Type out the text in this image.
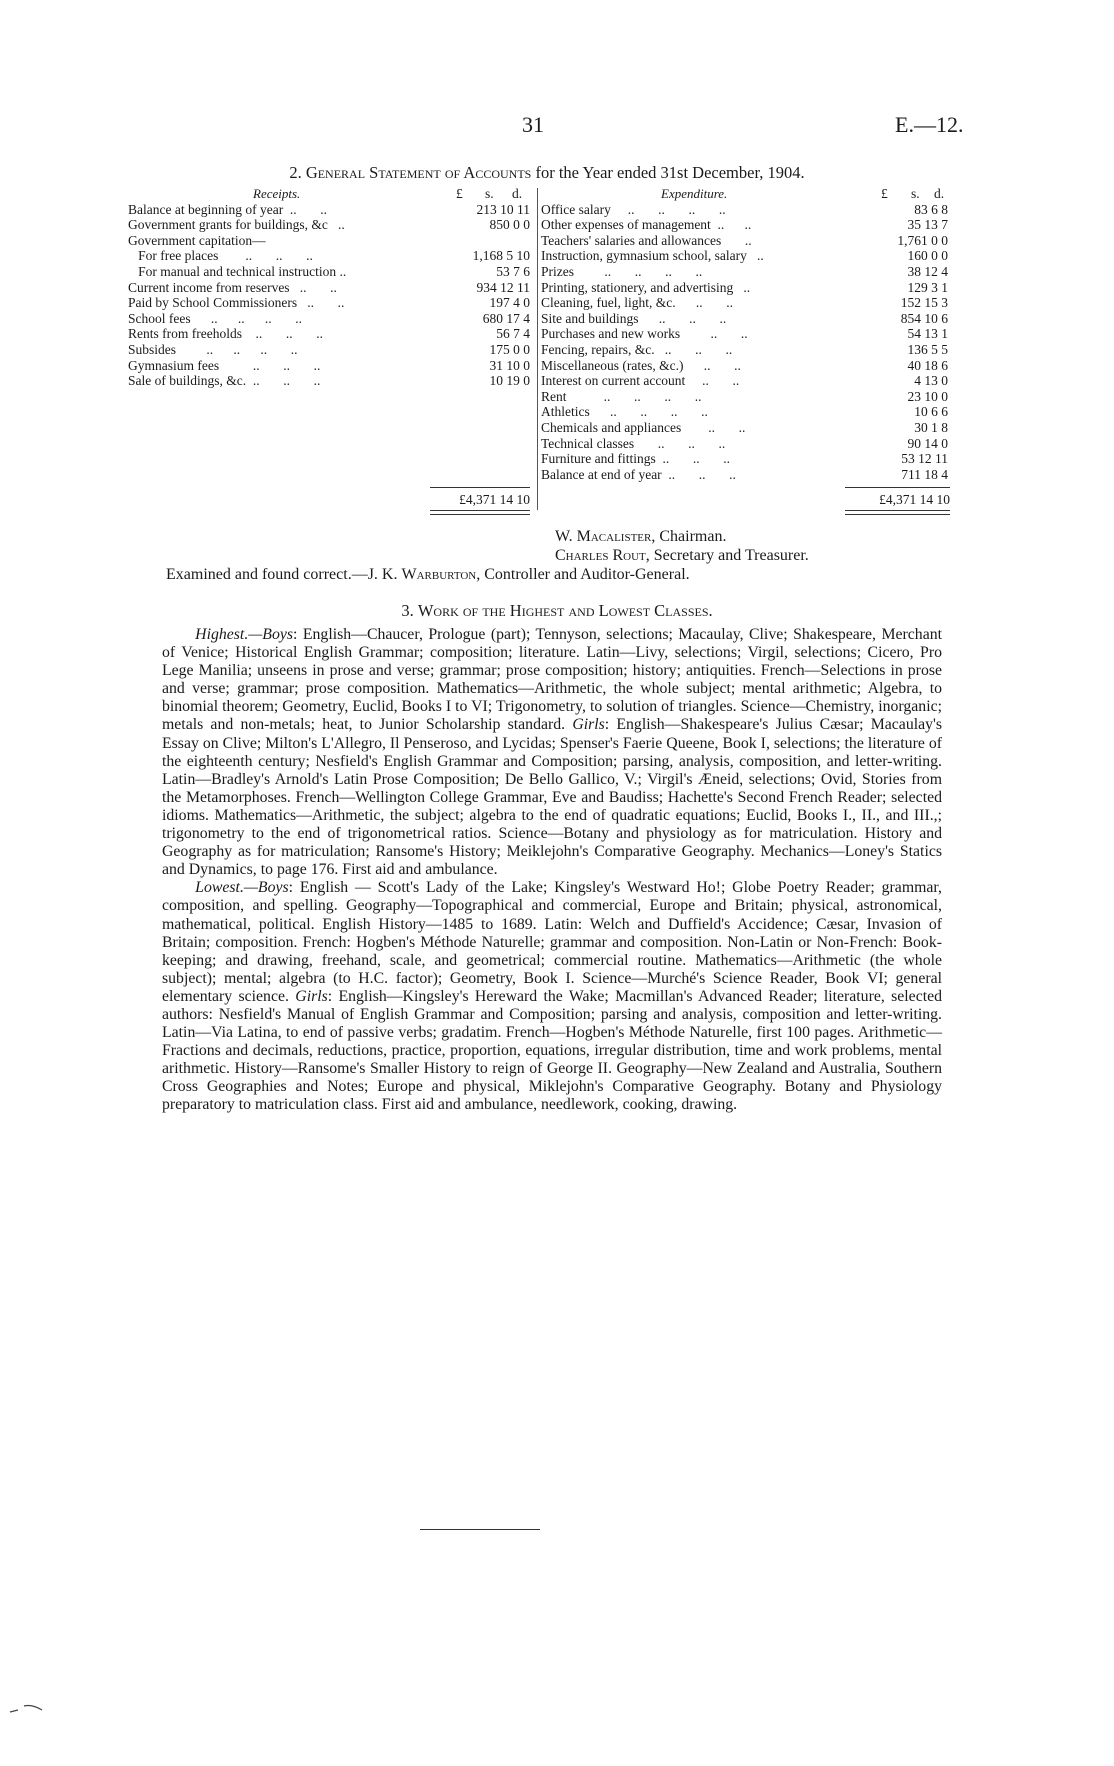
31	E.—12.
2. General Statement of Accounts for the Year ended 31st December, 1904.
Receipts.	£ s. d.
Balance at beginning of year  ..       ..	213 10 11
Government grants for buildings, &c   ..	850 0 0
Government capitation—
For free places        ..       ..       ..	1,168 5 10
For manual and technical instruction ..	53 7 6
Current income from reserves   ..       ..	934 12 11
Paid by School Commissioners   ..       ..	197 4 0
School fees      ..      ..      ..       ..	680 17 4
Rents from freeholds    ..       ..       ..	56 7 4
Subsides         ..      ..      ..       ..	175 0 0
Gymnasium fees          ..       ..       ..	31 10 0
Sale of buildings, &c.  ..       ..       ..	10 19 0
£4,371 14 10
Expenditure.	£ s. d.
Office salary     ..       ..       ..       ..	83 6 8
Other expenses of management  ..      ..	35 13 7
Teachers' salaries and allowances       ..	1,761 0 0
Instruction, gymnasium school, salary   ..	160 0 0
Prizes         ..       ..       ..       ..	38 12 4
Printing, stationery, and advertising   ..	129 3 1
Cleaning, fuel, light, &c.      ..       ..	152 15 3
Site and buildings      ..       ..       ..	854 10 6
Purchases and new works         ..       ..	54 13 1
Fencing, repairs, &c.   ..       ..       ..	136 5 5
Miscellaneous (rates, &c.)      ..       ..	40 18 6
Interest on current account     ..       ..	4 13 0
Rent           ..       ..       ..       ..	23 10 0
Athletics      ..       ..       ..       ..	10 6 6
Chemicals and appliances        ..       ..	30 1 8
Technical classes       ..       ..       ..	90 14 0
Furniture and fittings  ..       ..       ..	53 12 11
Balance at end of year  ..       ..       ..	711 18 4
£4,371 14 10
W. Macalister, Chairman.
Charles Rout, Secretary and Treasurer.
Examined and found correct.—J. K. Warburton, Controller and Auditor-General.
3. Work of the Highest and Lowest Classes.

Highest.—Boys: English—Chaucer, Prologue (part); Tennyson, selections; Macaulay, Clive; Shakespeare, Merchant of Venice; Historical English Grammar; composition; literature. Latin—Livy, selections; Virgil, selections; Cicero, Pro Lege Manilia; unseens in prose and verse; grammar; prose composition; history; antiquities. French—Selections in prose and verse; grammar; prose composition. Mathematics—Arithmetic, the whole subject; mental arithmetic; Algebra, to binomial theorem; Geometry, Euclid, Books I to VI; Trigonometry, to solution of triangles. Science—Chemistry, inorganic; metals and non-metals; heat, to Junior Scholarship standard. Girls: English—Shakespeare's Julius Cæsar; Macaulay's Essay on Clive; Milton's L'Allegro, Il Penseroso, and Lycidas; Spenser's Faerie Queene, Book I, selections; the literature of the eighteenth century; Nesfield's English Grammar and Composition; parsing, analysis, composition, and letter-writing. Latin—Bradley's Arnold's Latin Prose Composition; De Bello Gallico, V.; Virgil's Æneid, selections; Ovid, Stories from the Metamorphoses. French—Wellington College Grammar, Eve and Baudiss; Hachette's Second French Reader; selected idioms. Mathematics—Arithmetic, the subject; algebra to the end of quadratic equations; Euclid, Books I., II., and III.,; trigonometry to the end of trigonometrical ratios. Science—Botany and physiology as for matriculation. History and Geography as for matriculation; Ransome's History; Meiklejohn's Comparative Geography. Mechanics—Loney's Statics and Dynamics, to page 176. First aid and ambulance.

Lowest.—Boys: English — Scott's Lady of the Lake; Kingsley's Westward Ho!; Globe Poetry Reader; grammar, composition, and spelling. Geography—Topographical and commercial, Europe and Britain; physical, astronomical, mathematical, political. English History—1485 to 1689. Latin: Welch and Duffield's Accidence; Cæsar, Invasion of Britain; composition. French: Hogben's Méthode Naturelle; grammar and composition. Non-Latin or Non-French: Book-keeping; and drawing, freehand, scale, and geometrical; commercial routine. Mathematics—Arithmetic (the whole subject); mental; algebra (to H.C. factor); Geometry, Book I. Science—Murché's Science Reader, Book VI; general elementary science. Girls: English—Kingsley's Hereward the Wake; Macmillan's Advanced Reader; literature, selected authors: Nesfield's Manual of English Grammar and Composition; parsing and analysis, composition and letter-writing. Latin—Via Latina, to end of passive verbs; gradatim. French—Hogben's Méthode Naturelle, first 100 pages. Arithmetic—Fractions and decimals, reductions, practice, proportion, equations, irregular distribution, time and work problems, mental arithmetic. History—Ransome's Smaller History to reign of George II. Geography—New Zealand and Australia, Southern Cross Geographies and Notes; Europe and physical, Miklejohn's Comparative Geography. Botany and Physiology preparatory to matriculation class. First aid and ambulance, needlework, cooking, drawing.
